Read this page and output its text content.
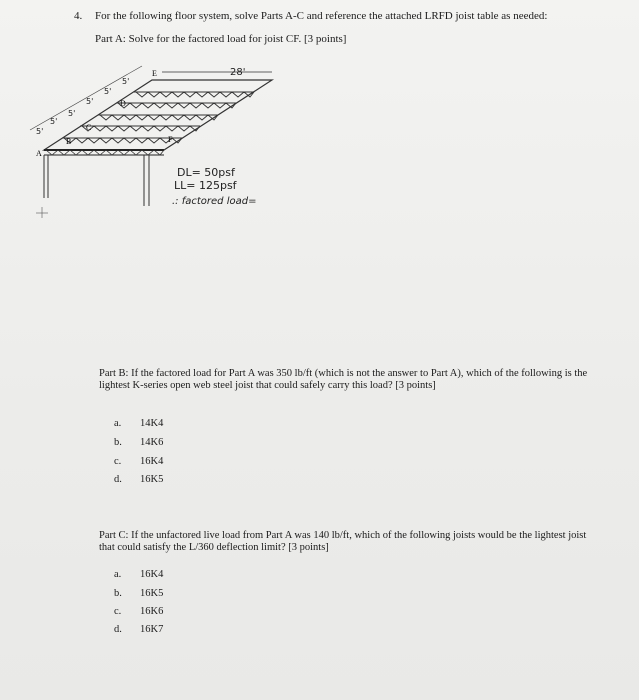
4. For the following floor system, solve Parts A-C and reference the attached LRFD joist table as needed:
Part A: Solve for the factored load for joist CF. [3 points]
28'
5'
5'
5'
5'
5'
5'
A
B
C
D
E
F
DL= 50psf
LL= 125psf
.: factored load=
Part B: If the factored load for Part A was 350 lb/ft (which is not the answer to Part A), which of the following is the lightest K-series open web steel joist that could safely carry this load? [3 points]
a. 14K4
b. 14K6
c. 16K4
d. 16K5
Part C: If the unfactored live load from Part A was 140 lb/ft, which of the following joists would be the lightest joist that could satisfy the L/360 deflection limit? [3 points]
a. 16K4
b. 16K5
c. 16K6
d. 16K7
